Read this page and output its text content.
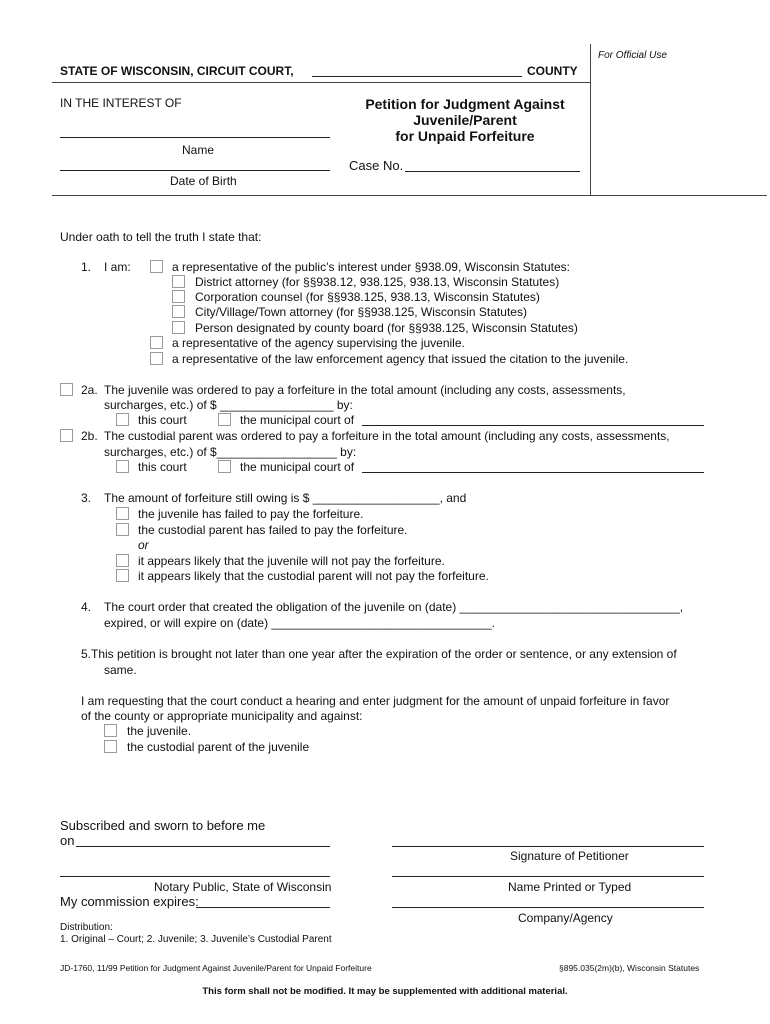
For Official Use
STATE OF WISCONSIN, CIRCUIT COURT,	COUNTY
IN THE INTEREST OF
Name
Date of Birth
Petition for Judgment Against
Juvenile/Parent
for Unpaid Forfeiture
Case No.
Under oath to tell the truth I state that:
1. I am:	a representative of the public’s interest under §938.09, Wisconsin Statutes:
District attorney (for §§938.12, 938.125, 938.13, Wisconsin Statutes)
Corporation counsel (for §§938.125, 938.13, Wisconsin Statutes)
City/Village/Town attorney (for §§938.125, Wisconsin Statutes)
Person designated by county board (for §§938.125, Wisconsin Statutes)
a representative of the agency supervising the juvenile.
a representative of the law enforcement agency that issued the citation to the juvenile.
2a. The juvenile was ordered to pay a forfeiture in the total amount (including any costs, assessments,
surcharges, etc.) of $ _________________ by:
this court	the municipal court of
2b. The custodial parent was ordered to pay a forfeiture in the total amount (including any costs, assessments,
surcharges, etc.) of $__________________ by:
this court	the municipal court of
3. The amount of forfeiture still owing is $ ___________________, and
the juvenile has failed to pay the forfeiture.
the custodial parent has failed to pay the forfeiture.
or
it appears likely that the juvenile will not pay the forfeiture.
it appears likely that the custodial parent will not pay the forfeiture.
4. The court order that created the obligation of the juvenile on (date) _________________________________,
expired, or will expire on (date) _________________________________.
5.This petition is brought not later than one year after the expiration of the order or sentence, or any extension of
same.
I am requesting that the court conduct a hearing and enter judgment for the amount of unpaid forfeiture in favor
of the county or appropriate municipality and against:
the juvenile.
the custodial parent of the juvenile
Subscribed and sworn to before me
on
Signature of Petitioner
Notary Public, State of Wisconsin	Name Printed or Typed
My commission expires:
Company/Agency
Distribution:
1. Original – Court; 2. Juvenile; 3. Juvenile’s Custodial Parent
JD-1760, 11/99 Petition for Judgment Against Juvenile/Parent for Unpaid Forfeiture	§895.035(2m)(b), Wisconsin Statutes
This form shall not be modified. It may be supplemented with additional material.
